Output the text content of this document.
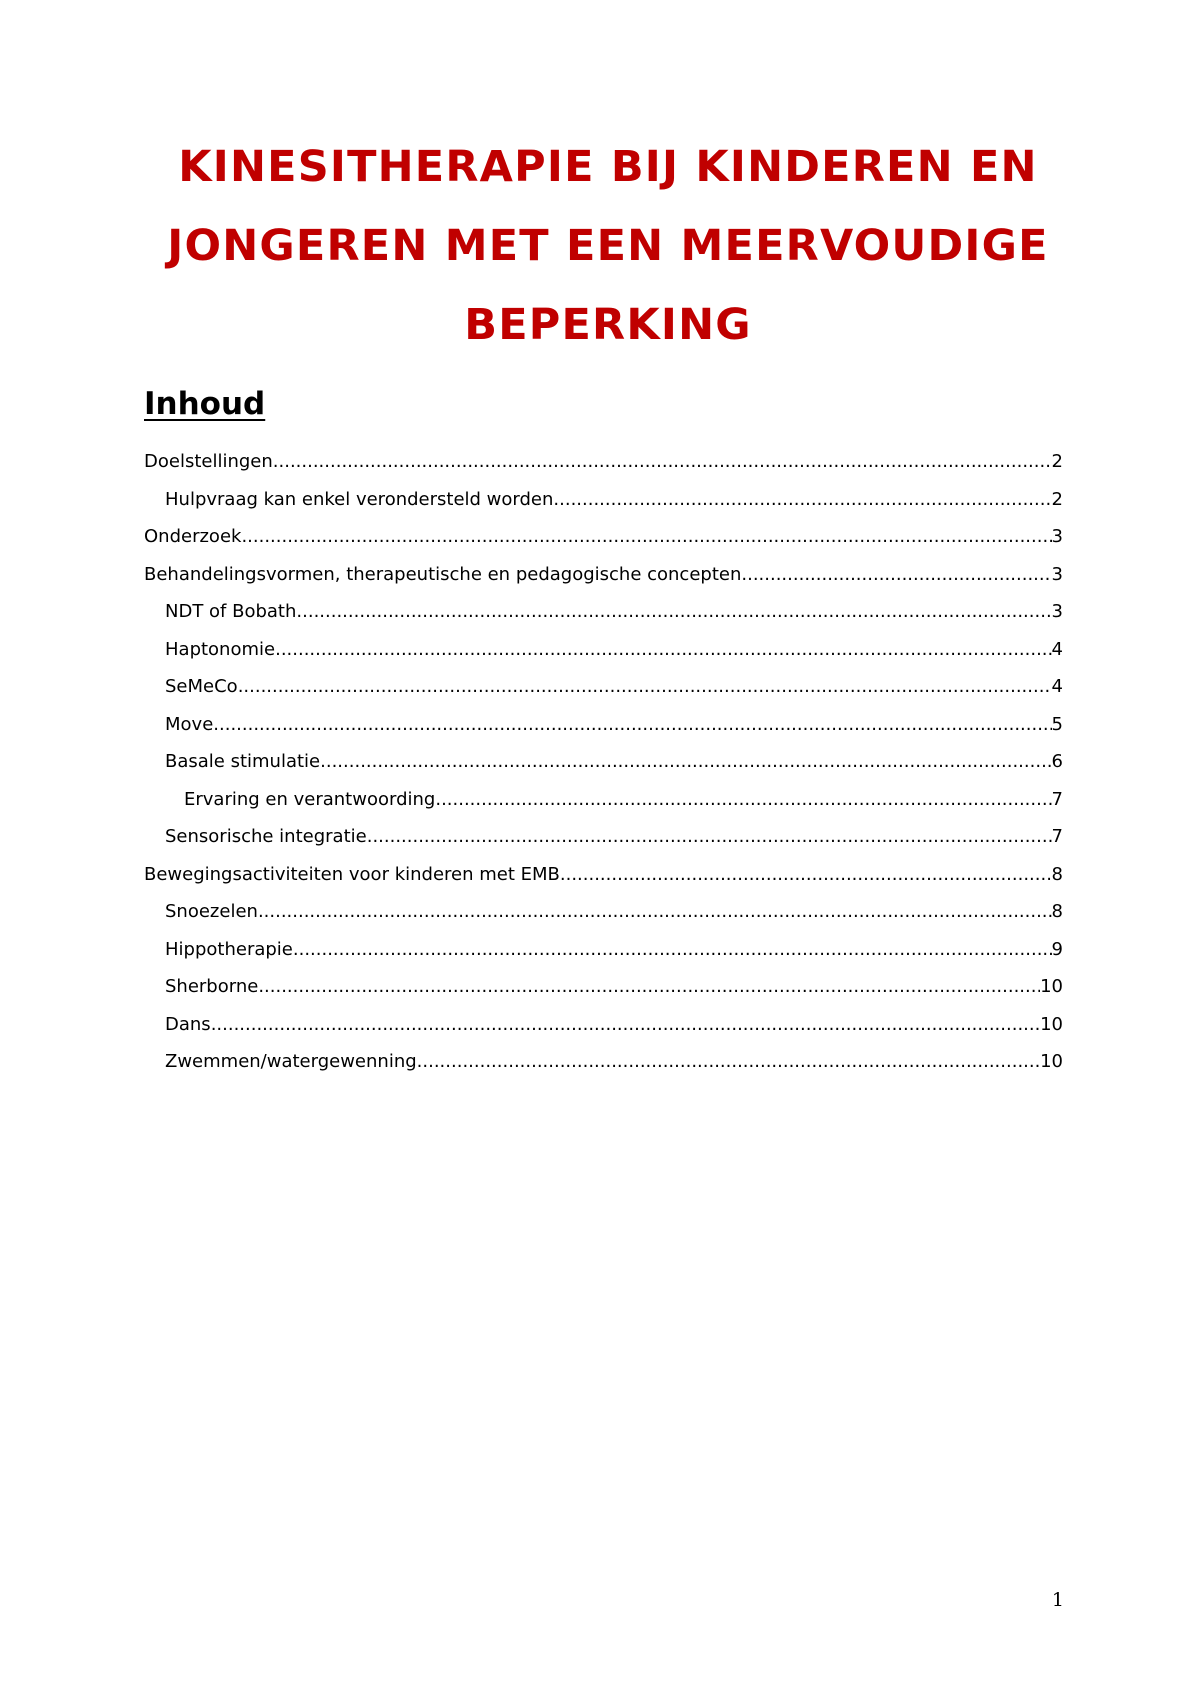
KINESITHERAPIE BIJ KINDEREN EN
JONGEREN MET EEN MEERVOUDIGE
BEPERKING
Inhoud
Doelstellingen .....	2
Hulpvraag kan enkel verondersteld worden .....	2
Onderzoek .....	3
Behandelingsvormen, therapeutische en pedagogische concepten .....	3
NDT of Bobath .....	3
Haptonomie .....	4
SeMeCo .....	4
Move .....	5
Basale stimulatie .....	6
Ervaring en verantwoording .....	7
Sensorische integratie .....	7
Bewegingsactiviteiten voor kinderen met EMB .....	8
Snoezelen .....	8
Hippotherapie .....	9
Sherborne .....	10
Dans .....	10
Zwemmen/watergewenning .....	10
1
